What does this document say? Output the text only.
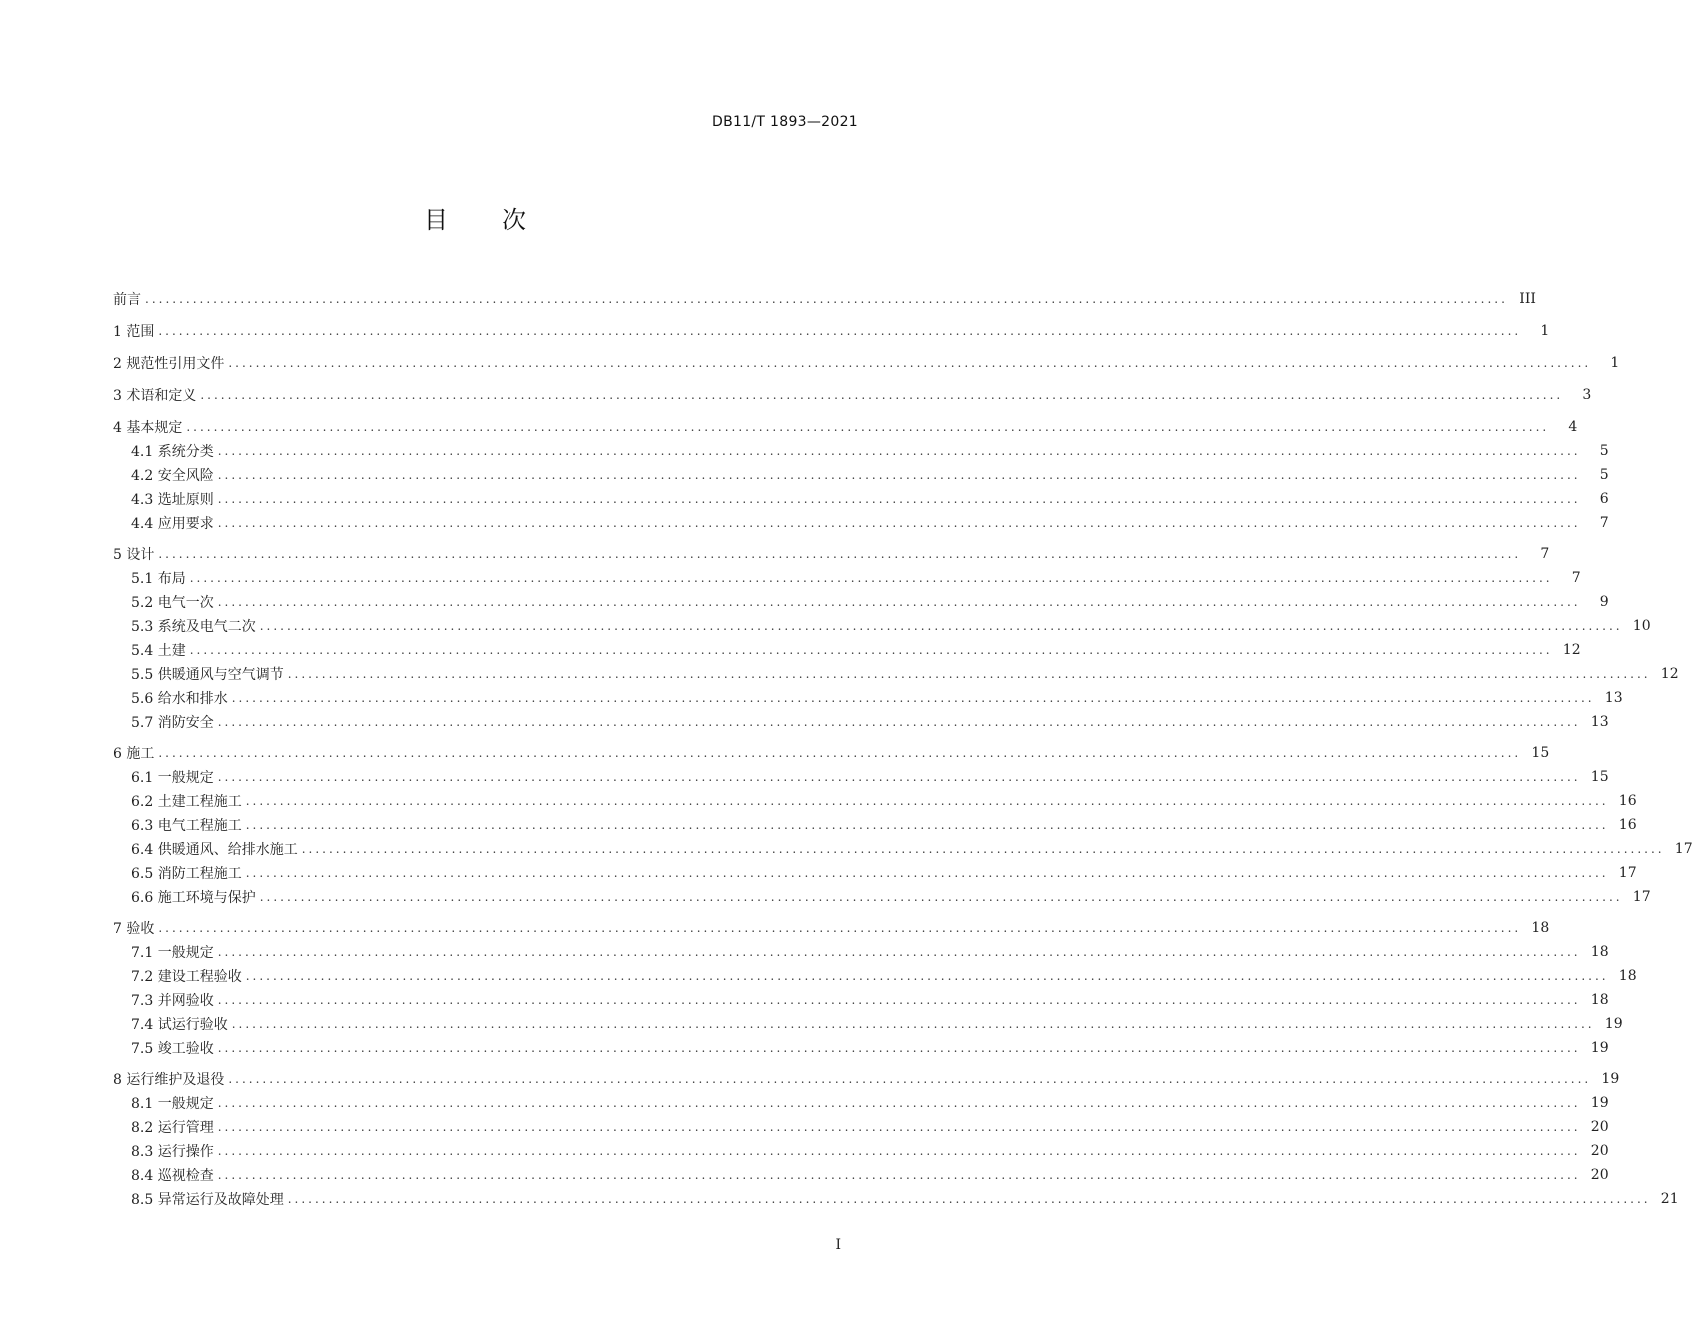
DB11/T 1893—2021
目 次
前言 ........................................................................................................................................................................................................ III
1 范围 ........................................................................................................................................................................................................	1
2 规范性引用文件 ........................................................................................................................................................................................................	1
3 术语和定义 ........................................................................................................................................................................................................	3
4 基本规定 ........................................................................................................................................................................................................	4
4.1 系统分类 ........................................................................................................................................................................................................	5
4.2 安全风险 ........................................................................................................................................................................................................	5
4.3 选址原则 ........................................................................................................................................................................................................	6
4.4 应用要求 ........................................................................................................................................................................................................	7
5 设计 ........................................................................................................................................................................................................	7
5.1 布局 ........................................................................................................................................................................................................	7
5.2 电气一次 ........................................................................................................................................................................................................	9
5.3 系统及电气二次 ........................................................................................................................................................................................................ 10
5.4 土建 ........................................................................................................................................................................................................ 12
5.5 供暖通风与空气调节 ........................................................................................................................................................................................................ 12
5.6 给水和排水 ........................................................................................................................................................................................................ 13
5.7 消防安全 ........................................................................................................................................................................................................ 13
6 施工 ........................................................................................................................................................................................................ 15
6.1 一般规定 ........................................................................................................................................................................................................ 15
6.2 土建工程施工 ........................................................................................................................................................................................................ 16
6.3 电气工程施工 ........................................................................................................................................................................................................ 16
6.4 供暖通风、给排水施工 ........................................................................................................................................................................................................ 17
6.5 消防工程施工 ........................................................................................................................................................................................................ 17
6.6 施工环境与保护 ........................................................................................................................................................................................................ 17
7 验收 ........................................................................................................................................................................................................ 18
7.1 一般规定 ........................................................................................................................................................................................................ 18
7.2 建设工程验收 ........................................................................................................................................................................................................ 18
7.3 并网验收 ........................................................................................................................................................................................................ 18
7.4 试运行验收 ........................................................................................................................................................................................................ 19
7.5 竣工验收 ........................................................................................................................................................................................................ 19
8 运行维护及退役 ........................................................................................................................................................................................................ 19
8.1 一般规定 ........................................................................................................................................................................................................ 19
8.2 运行管理 ........................................................................................................................................................................................................ 20
8.3 运行操作 ........................................................................................................................................................................................................ 20
8.4 巡视检查 ........................................................................................................................................................................................................ 20
8.5 异常运行及故障处理 ........................................................................................................................................................................................................ 21
I
